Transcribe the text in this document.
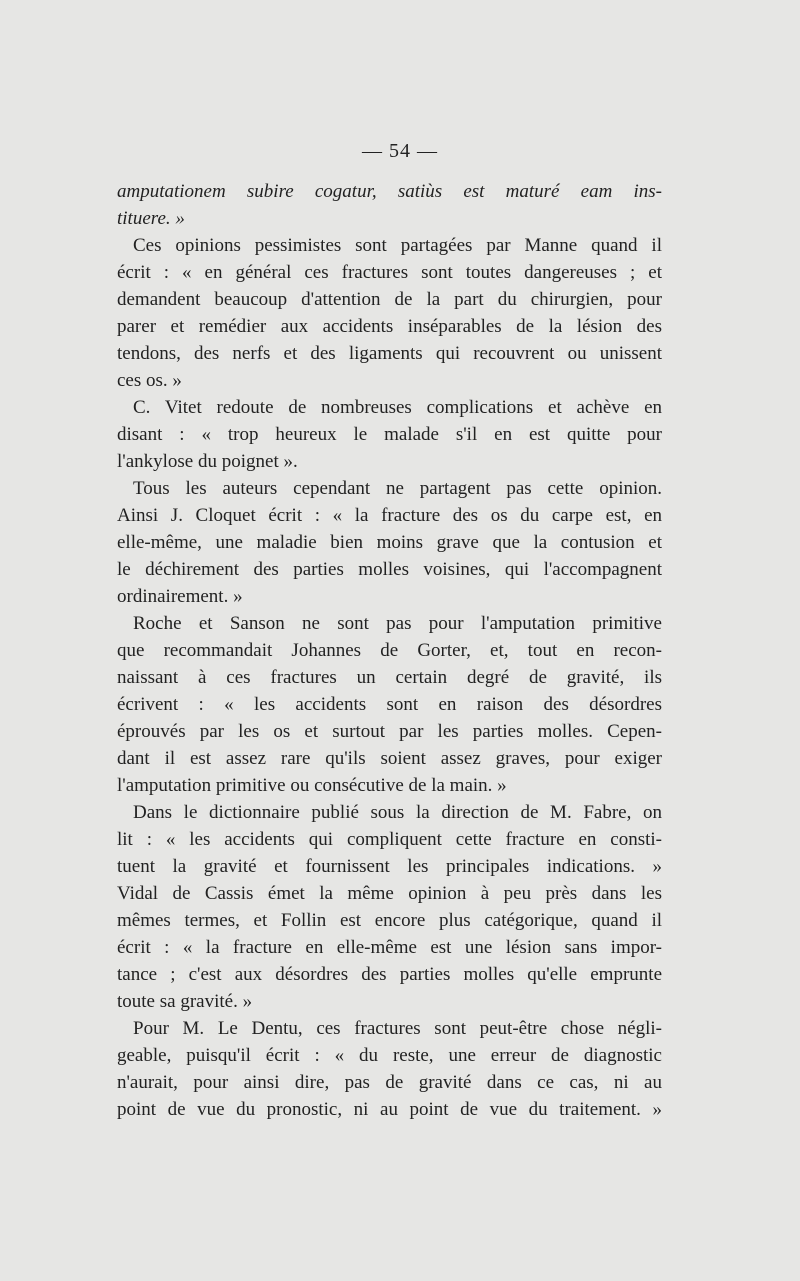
— 54 —
amputationem subire cogatur, satiùs est maturé eam ins-
tituere. »
Ces opinions pessimistes sont partagées par Manne quand il
écrit : « en général ces fractures sont toutes dangereuses ; et
demandent beaucoup d'attention de la part du chirurgien, pour
parer et remédier aux accidents inséparables de la lésion des
tendons, des nerfs et des ligaments qui recouvrent ou unissent
ces os. »
C. Vitet redoute de nombreuses complications et achève en
disant : « trop heureux le malade s'il en est quitte pour
l'ankylose du poignet ».
Tous les auteurs cependant ne partagent pas cette opinion.
Ainsi J. Cloquet écrit : « la fracture des os du carpe est, en
elle-même, une maladie bien moins grave que la contusion et
le déchirement des parties molles voisines, qui l'accompagnent
ordinairement. »
Roche et Sanson ne sont pas pour l'amputation primitive
que recommandait Johannes de Gorter, et, tout en recon-
naissant à ces fractures un certain degré de gravité, ils
écrivent : « les accidents sont en raison des désordres
éprouvés par les os et surtout par les parties molles. Cepen-
dant il est assez rare qu'ils soient assez graves, pour exiger
l'amputation primitive ou consécutive de la main. »
Dans le dictionnaire publié sous la direction de M. Fabre, on
lit : « les accidents qui compliquent cette fracture en consti-
tuent la gravité et fournissent les principales indications. »
Vidal de Cassis émet la même opinion à peu près dans les
mêmes termes, et Follin est encore plus catégorique, quand il
écrit : « la fracture en elle-même est une lésion sans impor-
tance ; c'est aux désordres des parties molles qu'elle emprunte
toute sa gravité. »
Pour M. Le Dentu, ces fractures sont peut-être chose négli-
geable, puisqu'il écrit : « du reste, une erreur de diagnostic
n'aurait, pour ainsi dire, pas de gravité dans ce cas, ni au
point de vue du pronostic, ni au point de vue du traitement. »
